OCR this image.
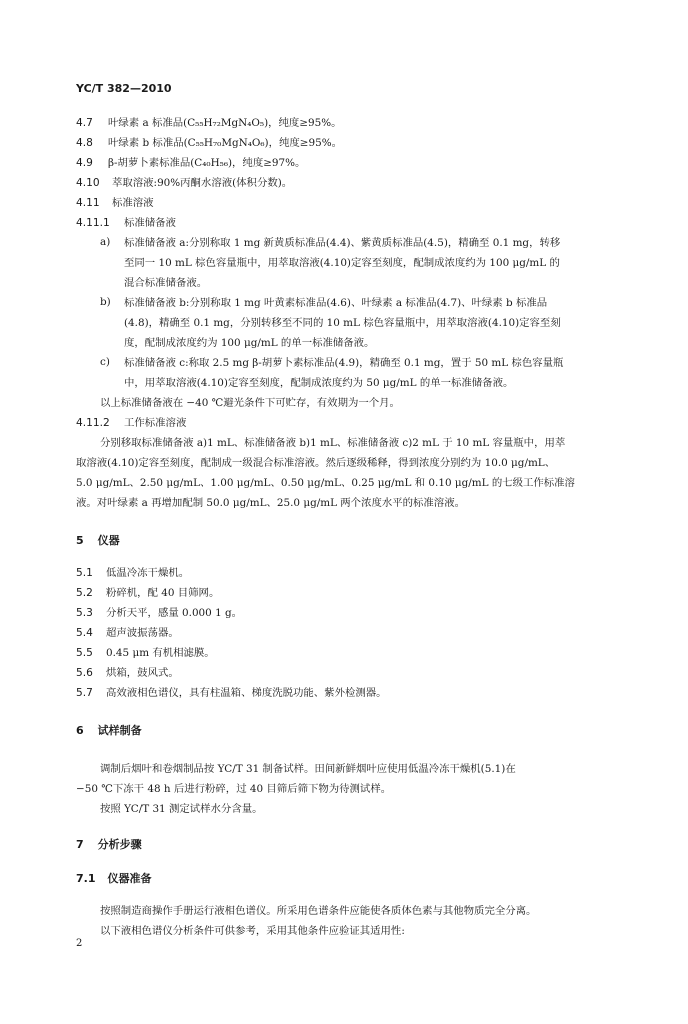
YC/T 382—2010
4.7 叶绿素 a 标准品(C₅₅H₇₂MgN₄O₅)，纯度≥95%。
4.8 叶绿素 b 标准品(C₅₅H₇₀MgN₄O₆)，纯度≥95%。
4.9 β-胡萝卜素标准品(C₄₀H₅₆)，纯度≥97%。
4.10 萃取溶液:90%丙酮水溶液(体积分数)。
4.11 标准溶液
4.11.1 标准储备液
a) 标准储备液 a:分别称取 1 mg 新黄质标准品(4.4)、紫黄质标准品(4.5)，精确至 0.1 mg，转移
至同一 10 mL 棕色容量瓶中，用萃取溶液(4.10)定容至刻度，配制成浓度约为 100 μg/mL 的
混合标准储备液。
b) 标准储备液 b:分别称取 1 mg 叶黄素标准品(4.6)、叶绿素 a 标准品(4.7)、叶绿素 b 标准品
(4.8)，精确至 0.1 mg，分别转移至不同的 10 mL 棕色容量瓶中，用萃取溶液(4.10)定容至刻
度，配制成浓度约为 100 μg/mL 的单一标准储备液。
c) 标准储备液 c:称取 2.5 mg β-胡萝卜素标准品(4.9)，精确至 0.1 mg，置于 50 mL 棕色容量瓶
中，用萃取溶液(4.10)定容至刻度，配制成浓度约为 50 μg/mL 的单一标准储备液。
以上标准储备液在 −40 ℃避光条件下可贮存，有效期为一个月。
4.11.2 工作标准溶液
分别移取标准储备液 a)1 mL、标准储备液 b)1 mL、标准储备液 c)2 mL 于 10 mL 容量瓶中，用萃
取溶液(4.10)定容至刻度，配制成一级混合标准溶液。然后逐级稀释，得到浓度分别约为 10.0 μg/mL、
5.0 μg/mL、2.50 μg/mL、1.00 μg/mL、0.50 μg/mL、0.25 μg/mL 和 0.10 μg/mL 的七级工作标准溶
液。对叶绿素 a 再增加配制 50.0 μg/mL、25.0 μg/mL 两个浓度水平的标准溶液。
5 仪器
5.1 低温冷冻干燥机。
5.2 粉碎机，配 40 目筛网。
5.3 分析天平，感量 0.000 1 g。
5.4 超声波振荡器。
5.5 0.45 μm 有机相滤膜。
5.6 烘箱，鼓风式。
5.7 高效液相色谱仪，具有柱温箱、梯度洗脱功能、紫外检测器。
6 试样制备
调制后烟叶和卷烟制品按 YC/T 31 制备试样。田间新鲜烟叶应使用低温冷冻干燥机(5.1)在
−50 ℃下冻干 48 h 后进行粉碎，过 40 目筛后筛下物为待测试样。
按照 YC/T 31 测定试样水分含量。
7 分析步骤
7.1 仪器准备
按照制造商操作手册运行液相色谱仪。所采用色谱条件应能使各质体色素与其他物质完全分离。
以下液相色谱仪分析条件可供参考，采用其他条件应验证其适用性:
2
